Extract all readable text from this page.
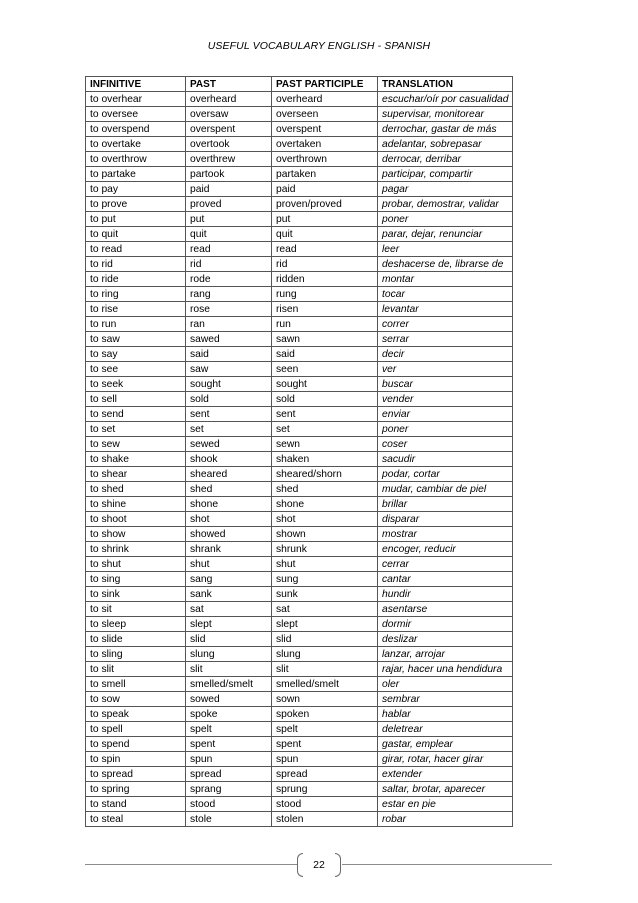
USEFUL VOCABULARY ENGLISH - SPANISH
INFINITIVE	PAST	PAST PARTICIPLE	TRANSLATION
to overhear	overheard	overheard	escuchar/oír por casualidad
to oversee	oversaw	overseen	supervisar, monitorear
to overspend	overspent	overspent	derrochar, gastar de más
to overtake	overtook	overtaken	adelantar, sobrepasar
to overthrow	overthrew	overthrown	derrocar, derribar
to partake	partook	partaken	participar, compartir
to pay	paid	paid	pagar
to prove	proved	proven/proved	probar, demostrar, validar
to put	put	put	poner
to quit	quit	quit	parar, dejar, renunciar
to read	read	read	leer
to rid	rid	rid	deshacerse de, librarse de
to ride	rode	ridden	montar
to ring	rang	rung	tocar
to rise	rose	risen	levantar
to run	ran	run	correr
to saw	sawed	sawn	serrar
to say	said	said	decir
to see	saw	seen	ver
to seek	sought	sought	buscar
to sell	sold	sold	vender
to send	sent	sent	enviar
to set	set	set	poner
to sew	sewed	sewn	coser
to shake	shook	shaken	sacudir
to shear	sheared	sheared/shorn	podar, cortar
to shed	shed	shed	mudar, cambiar de piel
to shine	shone	shone	brillar
to shoot	shot	shot	disparar
to show	showed	shown	mostrar
to shrink	shrank	shrunk	encoger, reducir
to shut	shut	shut	cerrar
to sing	sang	sung	cantar
to sink	sank	sunk	hundir
to sit	sat	sat	asentarse
to sleep	slept	slept	dormir
to slide	slid	slid	deslizar
to sling	slung	slung	lanzar, arrojar
to slit	slit	slit	rajar, hacer una hendidura
to smell	smelled/smelt	smelled/smelt	oler
to sow	sowed	sown	sembrar
to speak	spoke	spoken	hablar
to spell	spelt	spelt	deletrear
to spend	spent	spent	gastar, emplear
to spin	spun	spun	girar, rotar, hacer girar
to spread	spread	spread	extender
to spring	sprang	sprung	saltar, brotar, aparecer
to stand	stood	stood	estar en pie
to steal	stole	stolen	robar
22
